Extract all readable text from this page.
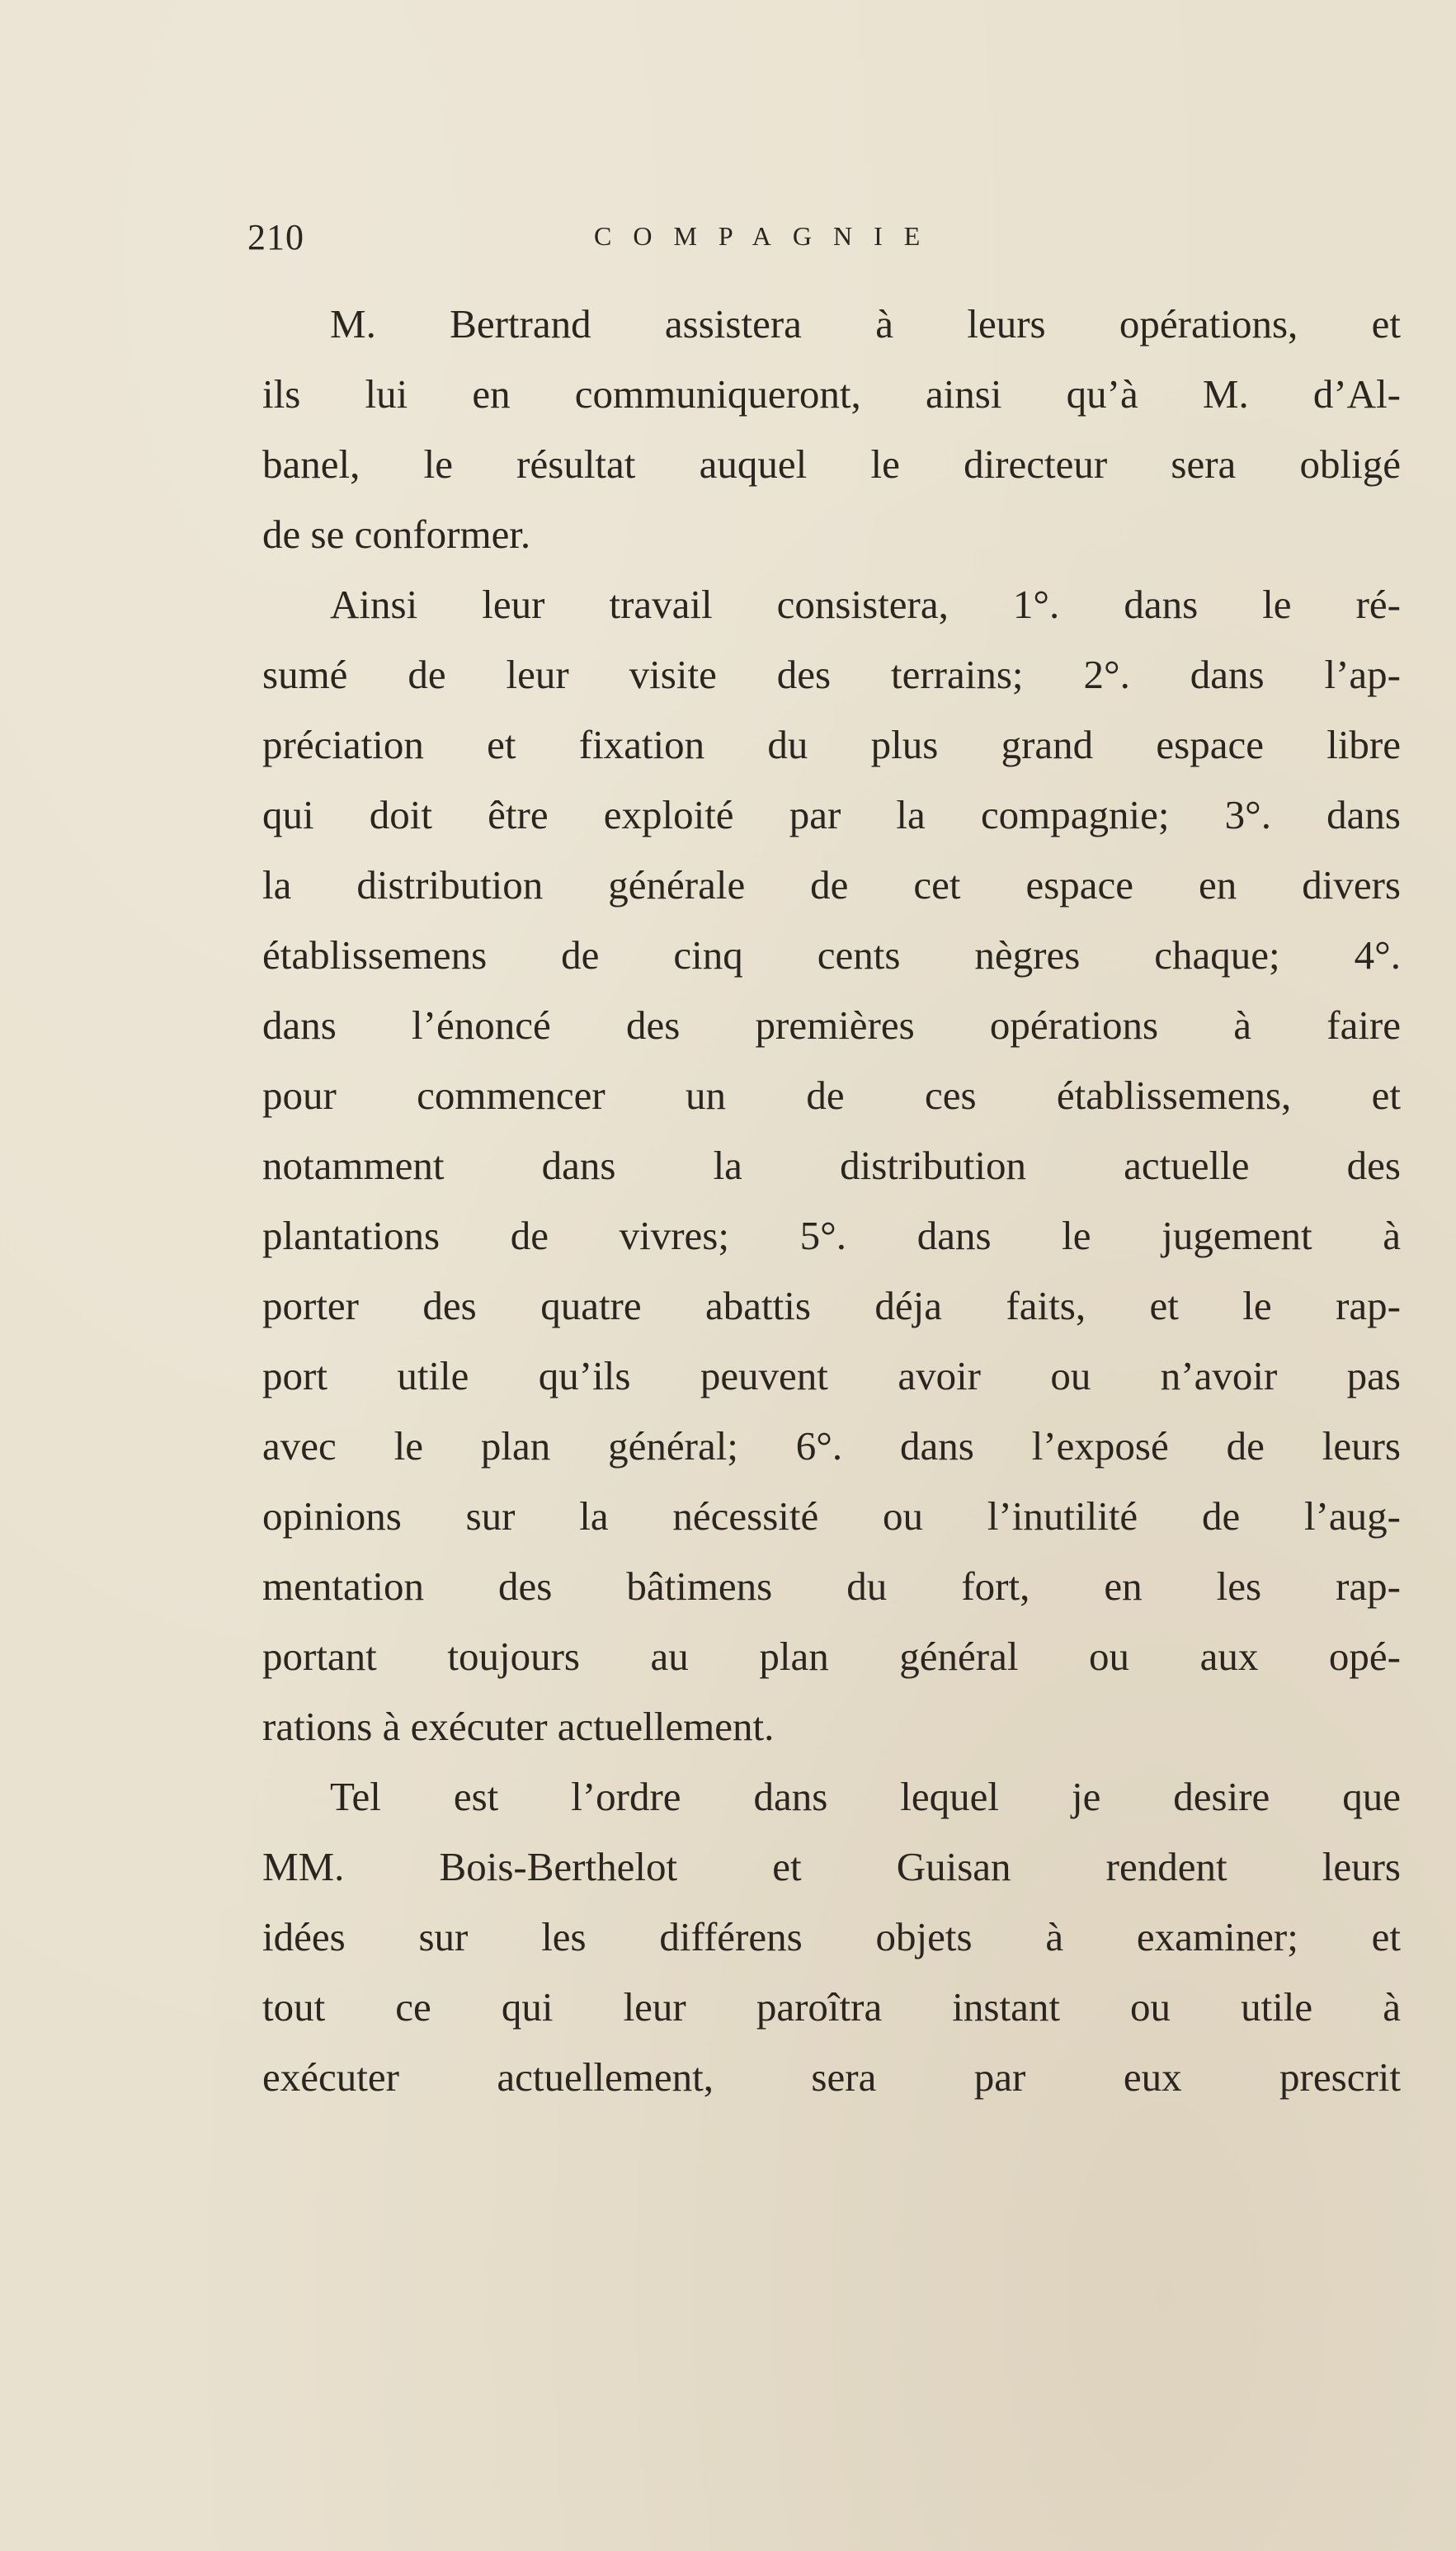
210	COMPAGNIE
M. Bertrand assistera à leurs opérations, et
ils lui en communiqueront, ainsi qu’à M. d’Al-
banel, le résultat auquel le directeur sera obligé
de se conformer.
Ainsi leur travail consistera, 1°. dans le ré-
sumé de leur visite des terrains; 2°. dans l’ap-
préciation et fixation du plus grand espace libre
qui doit être exploité par la compagnie; 3°. dans
la distribution générale de cet espace en divers
établissemens de cinq cents nègres chaque; 4°.
dans l’énoncé des premières opérations à faire
pour commencer un de ces établissemens, et
notamment dans la distribution actuelle des
plantations de vivres; 5°. dans le jugement à
porter des quatre abattis déja faits, et le rap-
port utile qu’ils peuvent avoir ou n’avoir pas
avec le plan général; 6°. dans l’exposé de leurs
opinions sur la nécessité ou l’inutilité de l’aug-
mentation des bâtimens du fort, en les rap-
portant toujours au plan général ou aux opé-
rations à exécuter actuellement.
Tel est l’ordre dans lequel je desire que
MM. Bois-Berthelot et Guisan rendent leurs
idées sur les différens objets à examiner; et
tout ce qui leur paroîtra instant ou utile à
exécuter actuellement, sera par eux prescrit
